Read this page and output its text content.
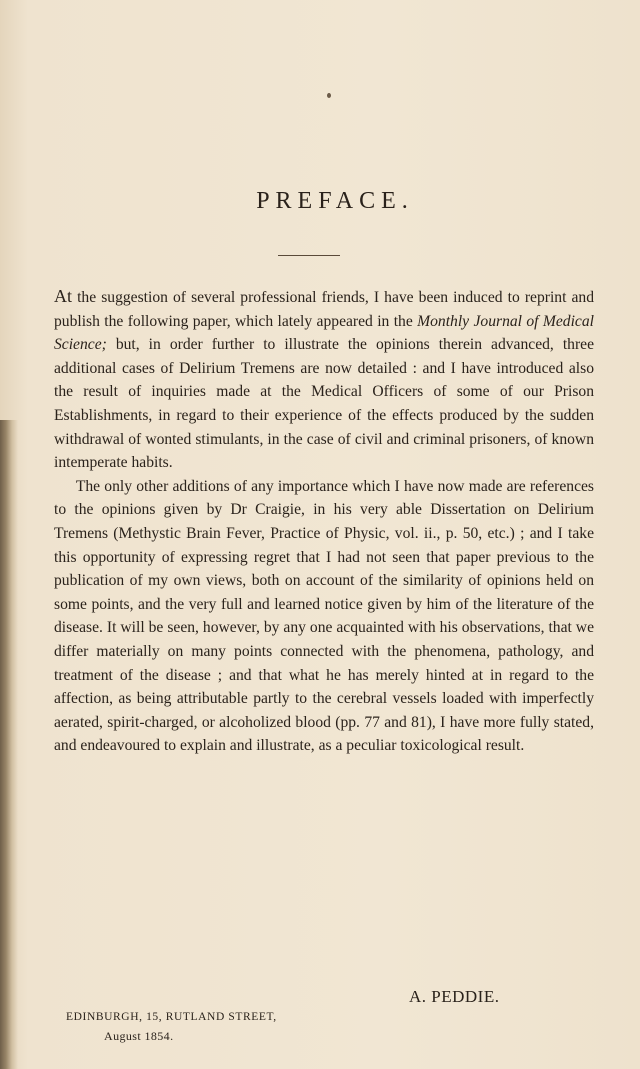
PREFACE.

At the suggestion of several professional friends, I have been induced to reprint and publish the following paper, which lately appeared in the Monthly Journal of Medical Science; but, in order further to illustrate the opinions therein advanced, three additional cases of Delirium Tremens are now detailed : and I have introduced also the result of inquiries made at the Medical Officers of some of our Prison Establishments, in regard to their experience of the effects produced by the sudden withdrawal of wonted stimulants, in the case of civil and criminal prisoners, of known intemperate habits.

The only other additions of any importance which I have now made are references to the opinions given by Dr Craigie, in his very able Dissertation on Delirium Tremens (Methystic Brain Fever, Practice of Physic, vol. ii., p. 50, etc.) ; and I take this opportunity of expressing regret that I had not seen that paper previous to the publication of my own views, both on account of the similarity of opinions held on some points, and the very full and learned notice given by him of the literature of the disease. It will be seen, however, by any one acquainted with his observations, that we differ materially on many points connected with the phenomena, pathology, and treatment of the disease ; and that what he has merely hinted at in regard to the affection, as being attributable partly to the cerebral vessels loaded with imperfectly aerated, spirit-charged, or alcoholized blood (pp. 77 and 81), I have more fully stated, and endeavoured to explain and illustrate, as a peculiar toxicological result.

A. PEDDIE.
EDINBURGH, 15, RUTLAND STREET,
August 1854.
